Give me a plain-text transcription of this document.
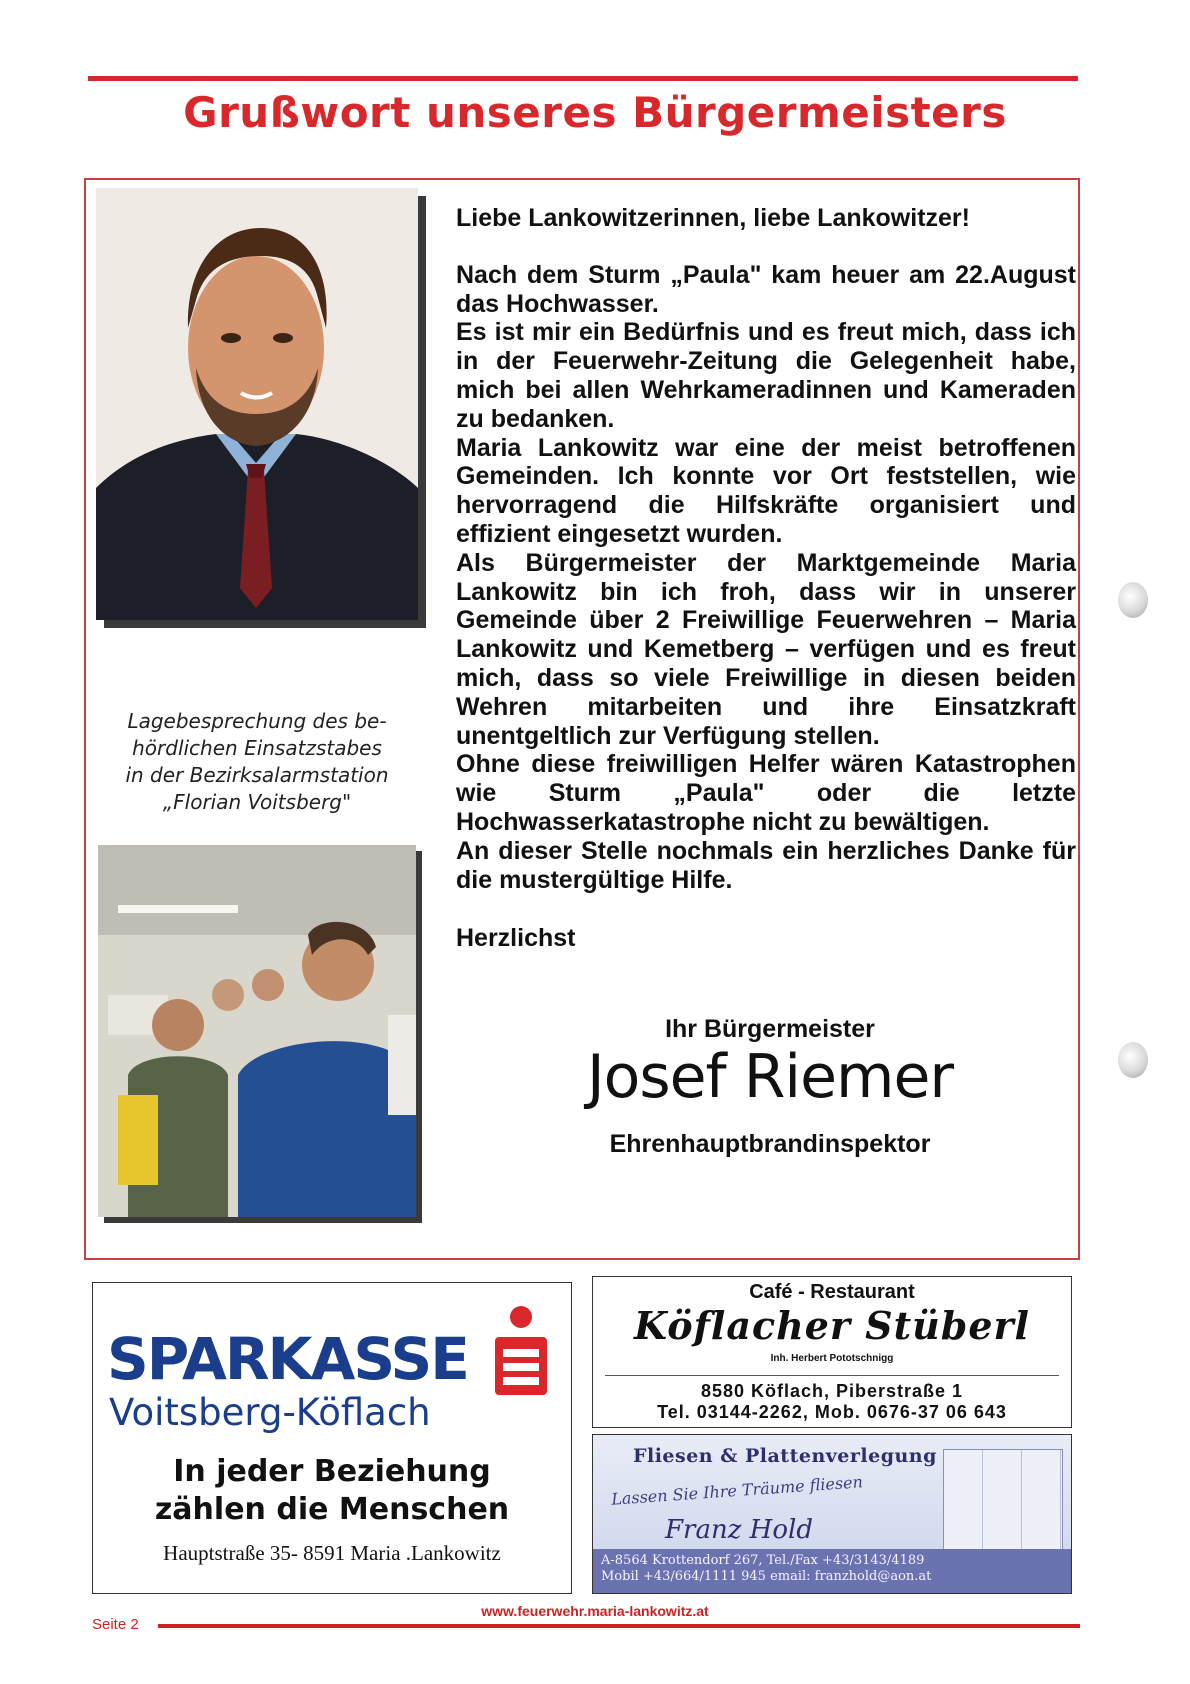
Grußwort unseres Bürgermeisters
Lagebesprechung des be-
hördlichen Einsatzstabes
in der Bezirksalarmstation
„Florian Voitsberg"
Liebe Lankowitzerinnen, liebe Lankowitzer!

Nach dem Sturm „Paula" kam heuer am 22.August das Hochwasser.

Es ist mir ein Bedürfnis und es freut mich, dass ich in der Feuerwehr-Zeitung die Gelegenheit habe, mich bei allen Wehrkameradinnen und Kameraden zu bedanken.

Maria Lankowitz war eine der meist betroffenen Gemeinden. Ich konnte vor Ort feststellen, wie hervorragend die Hilfskräfte organisiert und effizient eingesetzt wurden.

Als Bürgermeister der Marktgemeinde Maria Lankowitz bin ich froh, dass wir in unserer Gemeinde über 2 Freiwillige Feuerwehren – Maria Lankowitz und Kemetberg – verfügen und es freut mich, dass so viele Freiwillige in diesen beiden Wehren mitarbeiten und ihre Einsatzkraft unentgeltlich zur Verfügung stellen.

Ohne diese freiwilligen Helfer wären Katastrophen wie Sturm „Paula" oder die letzte Hochwasserkatastrophe nicht zu bewältigen.

An dieser Stelle nochmals ein herzliches Danke für die mustergültige Hilfe.

Herzlichst
Ihr Bürgermeister
Josef Riemer
Ehrenhauptbrandinspektor
SPARKASSE
Voitsberg-Köflach
In jeder Beziehung
zählen die Menschen
Hauptstraße 35- 8591 Maria .Lankowitz
Café - Restaurant
Köflacher Stüberl
Inh. Herbert Pototschnigg
8580 Köflach, Piberstraße 1
Tel. 03144-2262, Mob. 0676-37 06 643
Fliesen & Plattenverlegung
Lassen Sie Ihre Träume fliesen
Franz Hold
A-8564 Krottendorf 267, Tel./Fax +43/3143/4189
Mobil +43/664/1111 945 email: franzhold@aon.at
www.feuerwehr.maria-lankowitz.at
Seite 2
